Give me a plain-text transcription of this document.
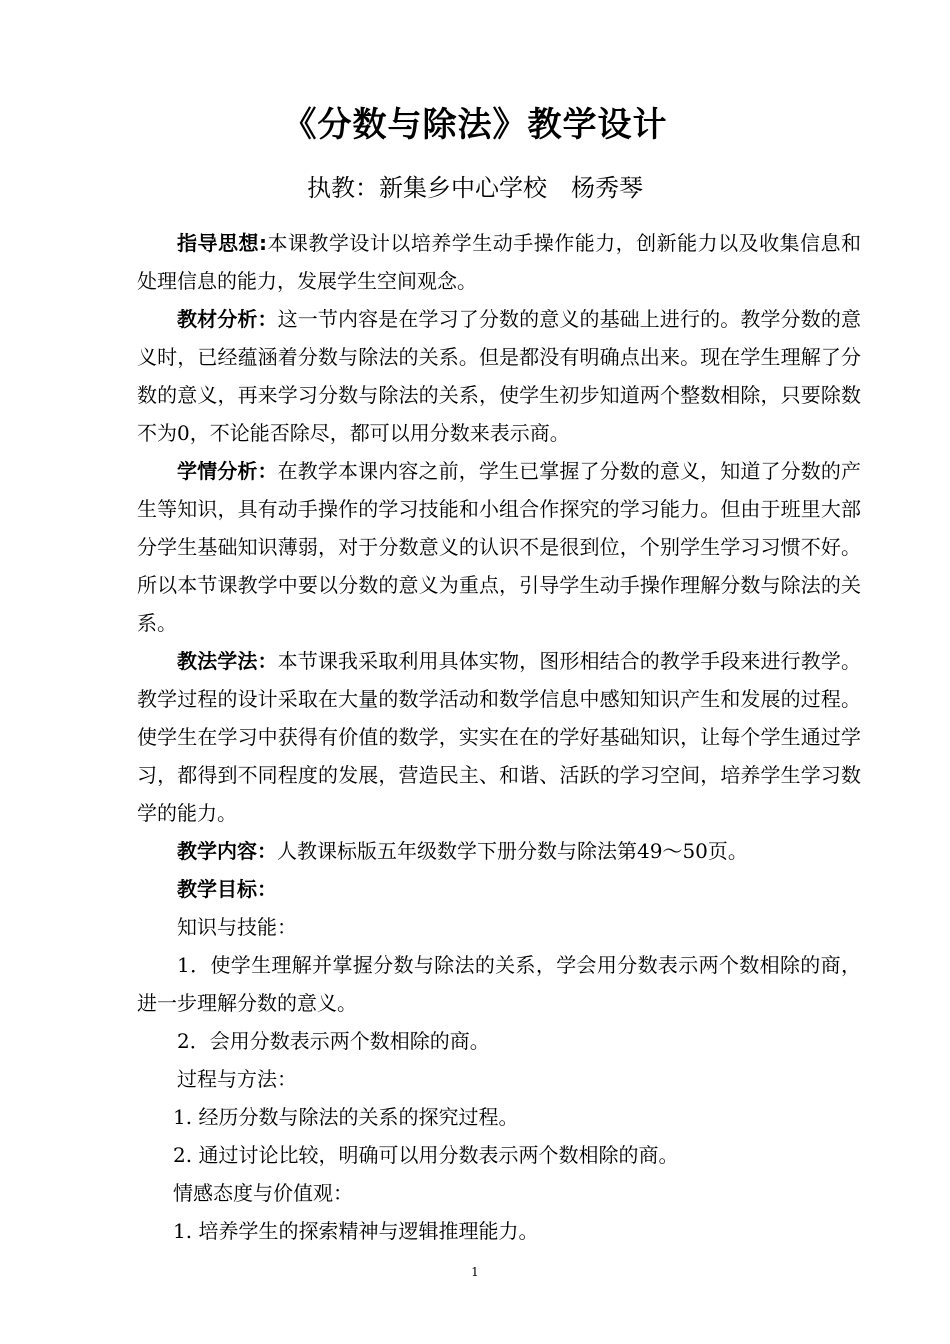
《分数与除法》教学设计
执教：新集乡中心学校　杨秀琴

指导思想:本课教学设计以培养学生动手操作能力，创新能力以及收集信息和处理信息的能力，发展学生空间观念。

教材分析：这一节内容是在学习了分数的意义的基础上进行的。教学分数的意义时，已经蕴涵着分数与除法的关系。但是都没有明确点出来。现在学生理解了分数的意义，再来学习分数与除法的关系，使学生初步知道两个整数相除，只要除数不为0，不论能否除尽，都可以用分数来表示商。

学情分析：在教学本课内容之前，学生已掌握了分数的意义，知道了分数的产生等知识，具有动手操作的学习技能和小组合作探究的学习能力。但由于班里大部分学生基础知识薄弱，对于分数意义的认识不是很到位，个别学生学习习惯不好。所以本节课教学中要以分数的意义为重点，引导学生动手操作理解分数与除法的关系。

教法学法：本节课我采取利用具体实物，图形相结合的教学手段来进行教学。教学过程的设计采取在大量的数学活动和数学信息中感知知识产生和发展的过程。使学生在学习中获得有价值的数学，实实在在的学好基础知识，让每个学生通过学习，都得到不同程度的发展，营造民主、和谐、活跃的学习空间，培养学生学习数学的能力。

教学内容：人教课标版五年级数学下册分数与除法第49～50页。

教学目标：

知识与技能：

1．使学生理解并掌握分数与除法的关系，学会用分数表示两个数相除的商，进一步理解分数的意义。

2．会用分数表示两个数相除的商。

过程与方法：

1. 经历分数与除法的关系的探究过程。

2. 通过讨论比较，明确可以用分数表示两个数相除的商。

情感态度与价值观：

1. 培养学生的探索精神与逻辑推理能力。

1
